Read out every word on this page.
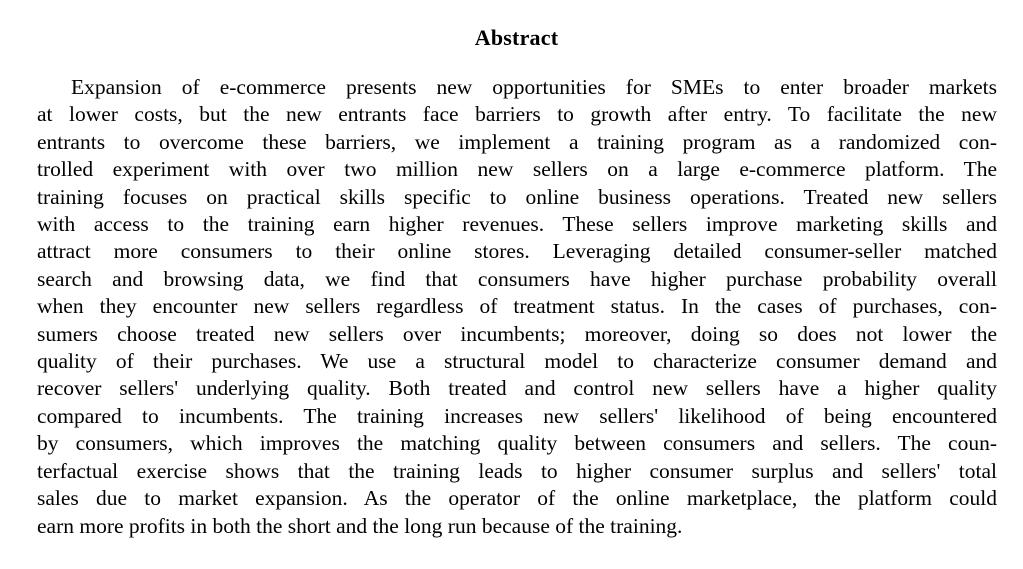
Abstract
Expansion of e-commerce presents new opportunities for SMEs to enter broader markets
at lower costs, but the new entrants face barriers to growth after entry. To facilitate the new
entrants to overcome these barriers, we implement a training program as a randomized con-
trolled experiment with over two million new sellers on a large e-commerce platform. The
training focuses on practical skills specific to online business operations. Treated new sellers
with access to the training earn higher revenues. These sellers improve marketing skills and
attract more consumers to their online stores. Leveraging detailed consumer-seller matched
search and browsing data, we find that consumers have higher purchase probability overall
when they encounter new sellers regardless of treatment status. In the cases of purchases, con-
sumers choose treated new sellers over incumbents; moreover, doing so does not lower the
quality of their purchases. We use a structural model to characterize consumer demand and
recover sellers' underlying quality. Both treated and control new sellers have a higher quality
compared to incumbents. The training increases new sellers' likelihood of being encountered
by consumers, which improves the matching quality between consumers and sellers. The coun-
terfactual exercise shows that the training leads to higher consumer surplus and sellers' total
sales due to market expansion. As the operator of the online marketplace, the platform could
earn more profits in both the short and the long run because of the training.
